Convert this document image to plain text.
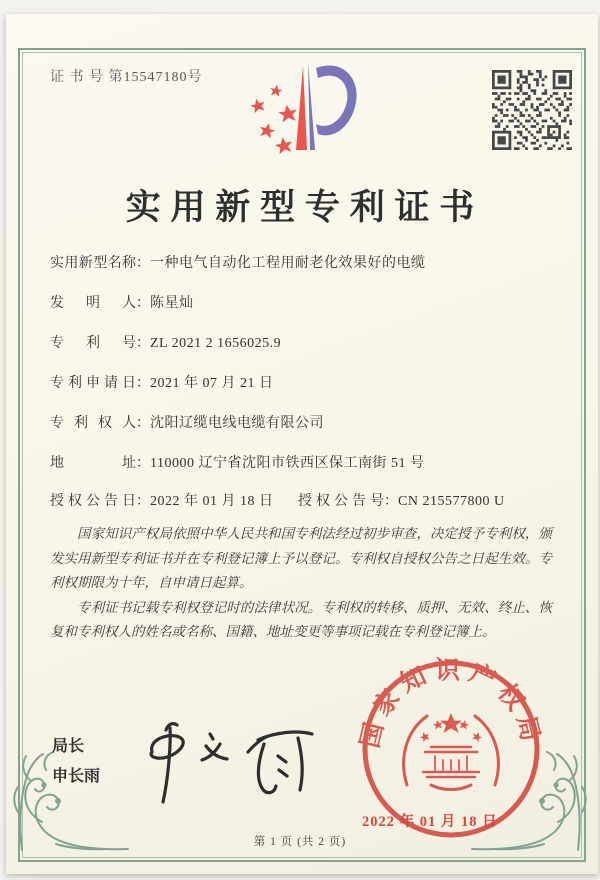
证 书 号 第15547180号
实用新型专利证书
实用新型名称：一种电气自动化工程用耐老化效果好的电缆
发明人：陈星灿
专利号：ZL 2021 2 1656025.9
专利申请日：2021 年 07 月 21 日
专利权人：沈阳辽缆电线电缆有限公司
地址：110000 辽宁省沈阳市铁西区保工南街 51 号
授权公告日：2022 年 01 月 18 日 授权公告号：CN 215577800 U

国家知识产权局依照中华人民共和国专利法经过初步审查，决定授予专利权，颁发实用新型专利证书并在专利登记簿上予以登记。专利权自授权公告之日起生效。专利权期限为十年，自申请日起算。

专利证书记载专利权登记时的法律状况。专利权的转移、质押、无效、终止、恢复和专利权人的姓名或名称、国籍、地址变更等事项记载在专利登记簿上。

局长
申长雨
国家知识产权局
2022 年 01 月 18 日
第 1 页 (共 2 页)
